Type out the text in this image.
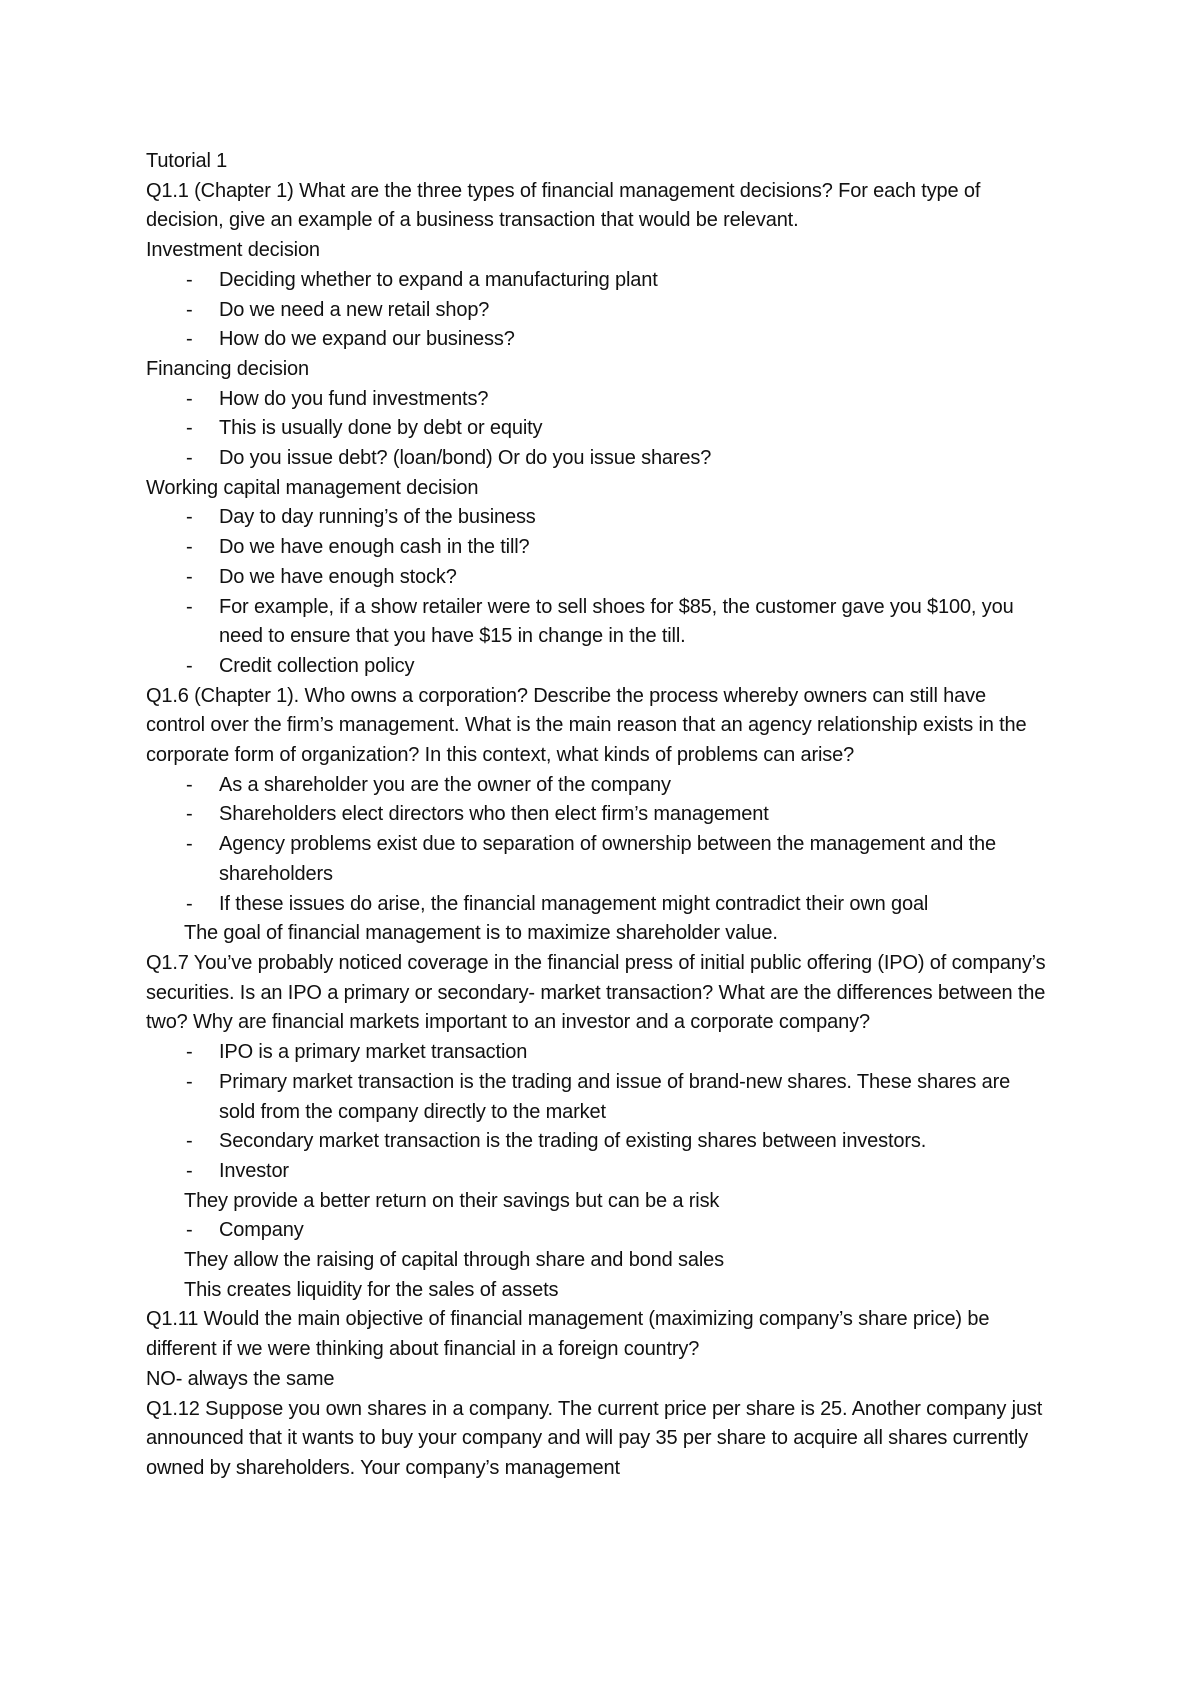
Tutorial 1

Q1.1 (Chapter 1) What are the three types of financial management decisions? For each type of decision, give an example of a business transaction that would be relevant.

Investment decision

- Deciding whether to expand a manufacturing plant

- Do we need a new retail shop?

- How do we expand our business?

Financing decision

- How do you fund investments?

- This is usually done by debt or equity

- Do you issue debt? (loan/bond) Or do you issue shares?

Working capital management decision

- Day to day running’s of the business

- Do we have enough cash in the till?

- Do we have enough stock?

- For example, if a show retailer were to sell shoes for $85, the customer gave you $100, you need to ensure that you have $15 in change in the till.

- Credit collection policy

Q1.6 (Chapter 1). Who owns a corporation? Describe the process whereby owners can still have control over the firm’s management. What is the main reason that an agency relationship exists in the corporate form of organization? In this context, what kinds of problems can arise?

- As a shareholder you are the owner of the company

- Shareholders elect directors who then elect firm’s management

- Agency problems exist due to separation of ownership between the management and the shareholders

- If these issues do arise, the financial management might contradict their own goal

The goal of financial management is to maximize shareholder value.

Q1.7 You’ve probably noticed coverage in the financial press of initial public offering (IPO) of company’s securities. Is an IPO a primary or secondary- market transaction? What are the differences between the two? Why are financial markets important to an investor and a corporate company?

- IPO is a primary market transaction

- Primary market transaction is the trading and issue of brand-new shares. These shares are sold from the company directly to the market

- Secondary market transaction is the trading of existing shares between investors.

- Investor

They provide a better return on their savings but can be a risk

- Company

They allow the raising of capital through share and bond sales

This creates liquidity for the sales of assets

Q1.11 Would the main objective of financial management (maximizing company’s share price) be different if we were thinking about financial in a foreign country?

NO- always the same

Q1.12 Suppose you own shares in a company. The current price per share is 25. Another company just announced that it wants to buy your company and will pay 35 per share to acquire all shares currently owned by shareholders. Your company’s management
